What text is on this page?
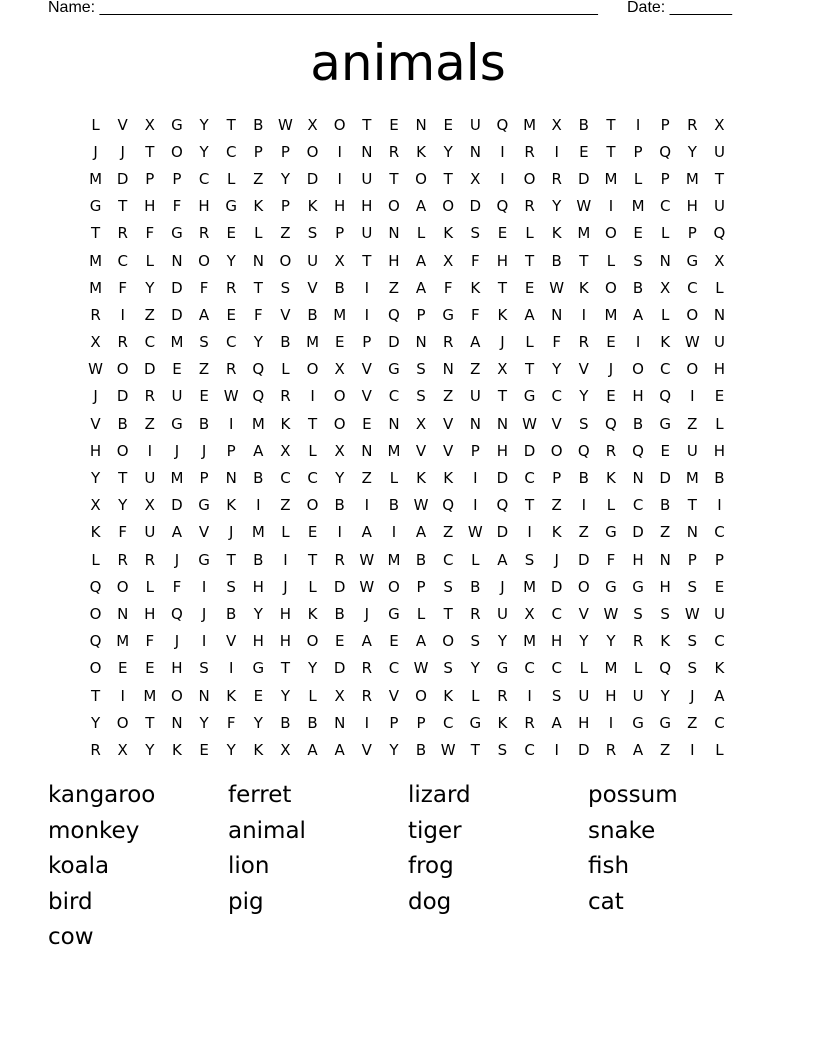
Name: ________________________________________________________ Date: _______
animals
L	V	X	G	Y	T	B W X	O	T	E	N	E	U	Q M	X	B	T	I	P	R	X
J	J	T	O	Y	C	P	P	O	I	N	R	K	Y	N	I	R	I	E	T	P	Q	Y	U
M D	P	P	C	L	Z	Y	D	I	U	T	O	T	X	I	O	R	D M	L	P	M	T
G	T	H	F	H	G	K	P	K	H	H	O	A	O	D	Q	R	Y	W	I	M	C	H	U
T	R	F	G	R	E	L	Z	S	P	U	N	L	K	S	E	L	K	M O	E	L	P	Q
M	C	L	N	O	Y	N	O	U	X	T	H	A	X	F	H	T	B	T	L	S	N	G	X
M	F	Y	D	F	R	T	S	V	B	I	Z	A	F	K	T	E W K	O	B	X	C	L
R	I	Z	D	A	E	F	V	B	M	I	Q	P	G	F	K	A	N	I	M	A	L	O	N
X	R	C	M	S	C	Y	B	M	E	P	D	N	R	A	J	L	F	R	E	I	K W U
W O	D	E	Z	R	Q	L	O	X	V	G	S	N	Z	X	T	Y	V	J	O	C	O	H
J	D	R	U	E W Q	R	I	O	V	C	S	Z	U	T	G	C	Y	E	H	Q	I	E
V	B	Z	G	B	I	M	K	T	O	E	N	X	V	N	N W V	S	Q	B	G	Z	L
H	O	I	J	J	P	A	X	L	X	N	M	V	V	P	H	D	O	Q	R	Q	E	U	H
Y	T	U	M	P	N	B	C	C	Y	Z	L	K	K	I	D	C	P	B	K	N	D M	B
X	Y	X	D	G	K	I	Z	O	B	I	B W Q	I	Q	T	Z	I	L	C	B	T	I
K	F	U	A	V	J	M	L	E	I	A	I	A	Z W D	I	K	Z	G	D	Z	N	C
L	R	R	J	G	T	B	I	T	R W M	B	C	L	A	S	J	D	F	H	N	P	P
Q	O	L	F	I	S	H	J	L	D W O	P	S	B	J	M D	O	G	G	H	S	E
O	N	H	Q	J	B	Y	H	K	B	J	G	L	T	R	U	X	C	V W S	S W U
Q M	F	J	I	V	H	H	O	E	A	E	A	O	S	Y	M	H	Y	Y	R	K	S	C
O	E	E	H	S	I	G	T	Y	D	R	C W S	Y	G	C	C	L	M	L	Q	S	K
T	I	M O	N	K	E	Y	L	X	R	V	O	K	L	R	I	S	U	H	U	Y	J	A
Y	O	T	N	Y	F	Y	B	B	N	I	P	P	C	G	K	R	A	H	I	G	G	Z	C
R	X	Y	K	E	Y	K	X	A	A	V	Y	B W	T	S	C	I	D	R	A	Z	I	L
kangaroo	ferret	lizard	possum
monkey	animal	tiger	snake
koala	lion	frog	fish
bird	pig	dog	cat
cow
